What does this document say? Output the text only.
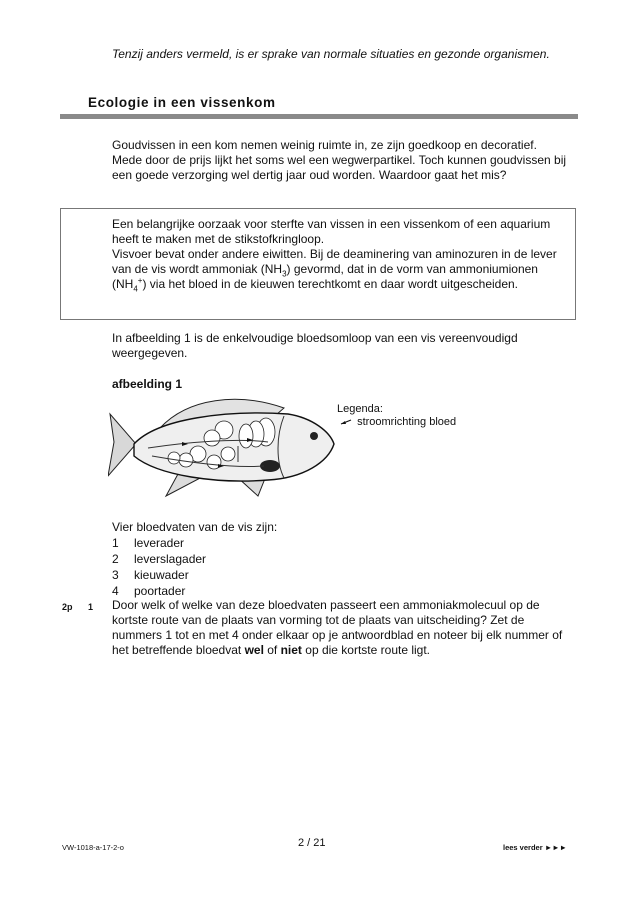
Tenzij anders vermeld, is er sprake van normale situaties en gezonde organismen.
Ecologie in een vissenkom
Goudvissen in een kom nemen weinig ruimte in, ze zijn goedkoop en decoratief. Mede door de prijs lijkt het soms wel een wegwerpartikel. Toch kunnen goudvissen bij een goede verzorging wel dertig jaar oud worden. Waardoor gaat het mis?
Een belangrijke oorzaak voor sterfte van vissen in een vissenkom of een aquarium heeft te maken met de stikstofkringloop.
Visvoer bevat onder andere eiwitten. Bij de deaminering van aminozuren in de lever van de vis wordt ammoniak $(NH_3)$ gevormd, dat in de vorm van ammoniumionen $(NH_4^+)$ via het bloed in de kieuwen terechtkomt en daar wordt uitgescheiden.
In afbeelding 1 is de enkelvoudige bloedsomloop van een vis vereenvoudigd weergegeven.
afbeelding 1
Legenda:
stroomrichting bloed
Vier bloedvaten van de vis zijn:
1	leverader
2	leverslagader
3	kieuwader
4	poortader
2p 1 Door welk of welke van deze bloedvaten passeert een ammoniakmolecuul op de kortste route van de plaats van vorming tot de plaats van uitscheiding? Zet de nummers 1 tot en met 4 onder elkaar op je antwoordblad en noteer bij elk nummer of het betreffende bloedvat wel of niet op die kortste route ligt.
VW-1018-a-17-2-o	2 / 21	lees verder ►►►
